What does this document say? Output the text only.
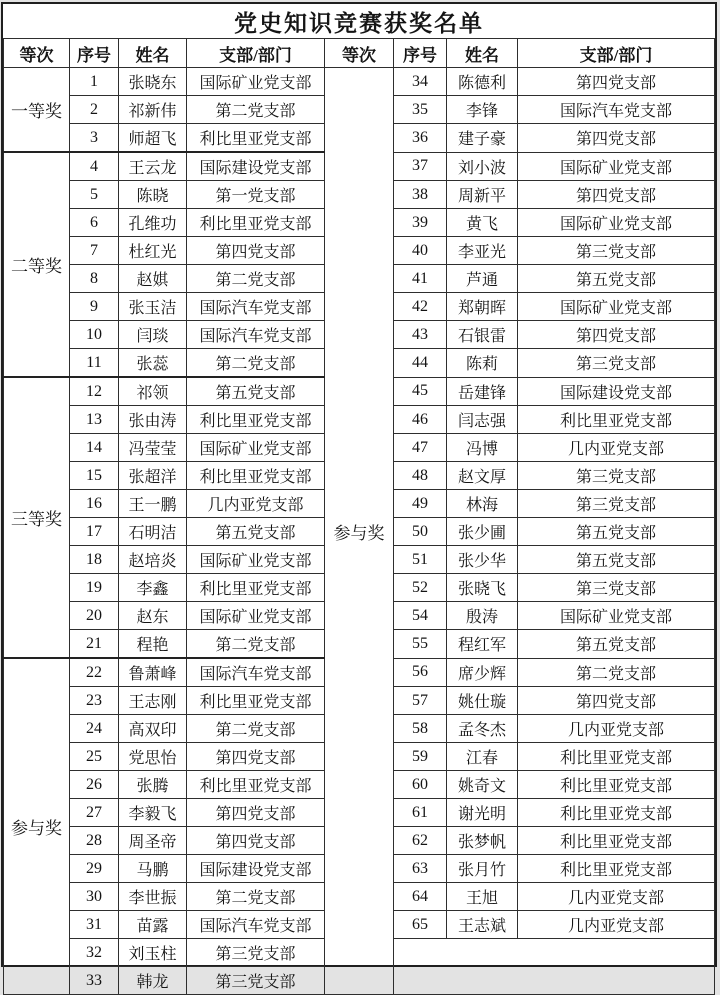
党史知识竞赛获奖名单
等次	序号	姓名	支部/部门	等次	序号	姓名	支部/部门
一等奖	1	张晓东	国际矿业党支部	参与奖	34	陈德利	第四党支部
	2	祁新伟	第二党支部		35	李锋	国际汽车党支部
	3	师超飞	利比里亚党支部		36	建子豪	第四党支部
二等奖	4	王云龙	国际建设党支部		37	刘小波	国际矿业党支部
	5	陈晓	第一党支部		38	周新平	第四党支部
	6	孔维功	利比里亚党支部		39	黄飞	国际矿业党支部
	7	杜红光	第四党支部		40	李亚光	第三党支部
	8	赵娸	第二党支部		41	芦通	第五党支部
	9	张玉洁	国际汽车党支部		42	郑朝晖	国际矿业党支部
	10	闫琰	国际汽车党支部		43	石银雷	第四党支部
	11	张蕊	第二党支部		44	陈莉	第三党支部
三等奖	12	祁领	第五党支部		45	岳建锋	国际建设党支部
	13	张由涛	利比里亚党支部		46	闫志强	利比里亚党支部
	14	冯莹莹	国际矿业党支部		47	冯博	几内亚党支部
	15	张超洋	利比里亚党支部		48	赵文厚	第三党支部
	16	王一鹏	几内亚党支部		49	林海	第三党支部
	17	石明洁	第五党支部		50	张少圃	第五党支部
	18	赵培炎	国际矿业党支部		51	张少华	第五党支部
	19	李鑫	利比里亚党支部		52	张晓飞	第三党支部
	20	赵东	国际矿业党支部		54	殷涛	国际矿业党支部
	21	程艳	第二党支部		55	程红军	第五党支部
参与奖	22	鲁萧峰	国际汽车党支部		56	席少辉	第二党支部
	23	王志刚	利比里亚党支部		57	姚仕璇	第四党支部
	24	高双印	第二党支部		58	孟冬杰	几内亚党支部
	25	党思怡	第四党支部		59	江春	利比里亚党支部
	26	张腾	利比里亚党支部		60	姚奇文	利比里亚党支部
	27	李毅飞	第四党支部		61	谢光明	利比里亚党支部
	28	周圣帝	第四党支部		62	张梦帆	利比里亚党支部
	29	马鹏	国际建设党支部		63	张月竹	利比里亚党支部
	30	李世振	第二党支部		64	王旭	几内亚党支部
	31	苗露	国际汽车党支部		65	王志斌	几内亚党支部
	32	刘玉柱	第三党支部				
	33	韩龙	第三党支部				
